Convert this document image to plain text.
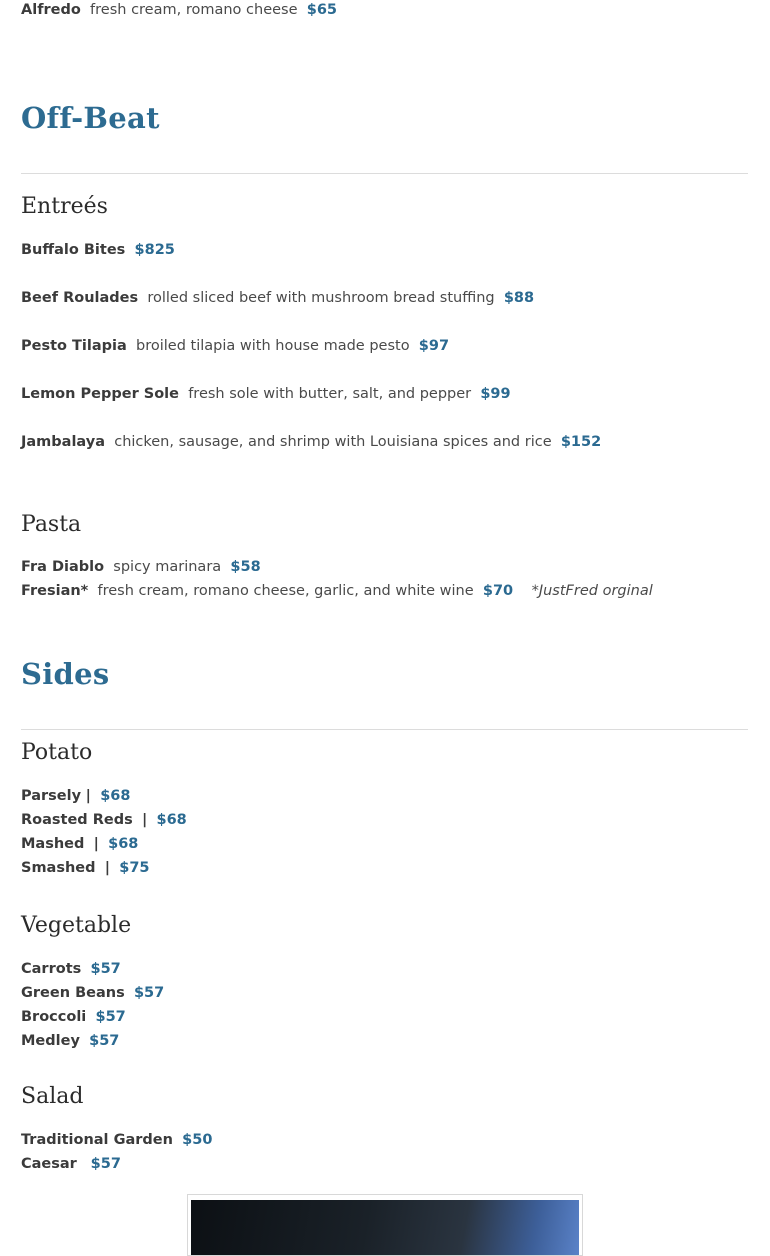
Alfredo fresh cream, romano cheese $65
Off-Beat
Entreés
Buffalo Bites $825
Beef Roulades rolled sliced beef with mushroom bread stuffing $88
Pesto Tilapia broiled tilapia with house made pesto $97
Lemon Pepper Sole fresh sole with butter, salt, and pepper $99
Jambalaya chicken, sausage, and shrimp with Louisiana spices and rice $152
Pasta
Fra Diablo spicy marinara $58
Fresian* fresh cream, romano cheese, garlic, and white wine $70 *JustFred orginal
Sides
Potato
Parsely | $68
Roasted Reds | $68
Mashed | $68
Smashed | $75
Vegetable
Carrots $57
Green Beans $57
Broccoli $57
Medley $57
Salad
Traditional Garden $50
Caesar $57
